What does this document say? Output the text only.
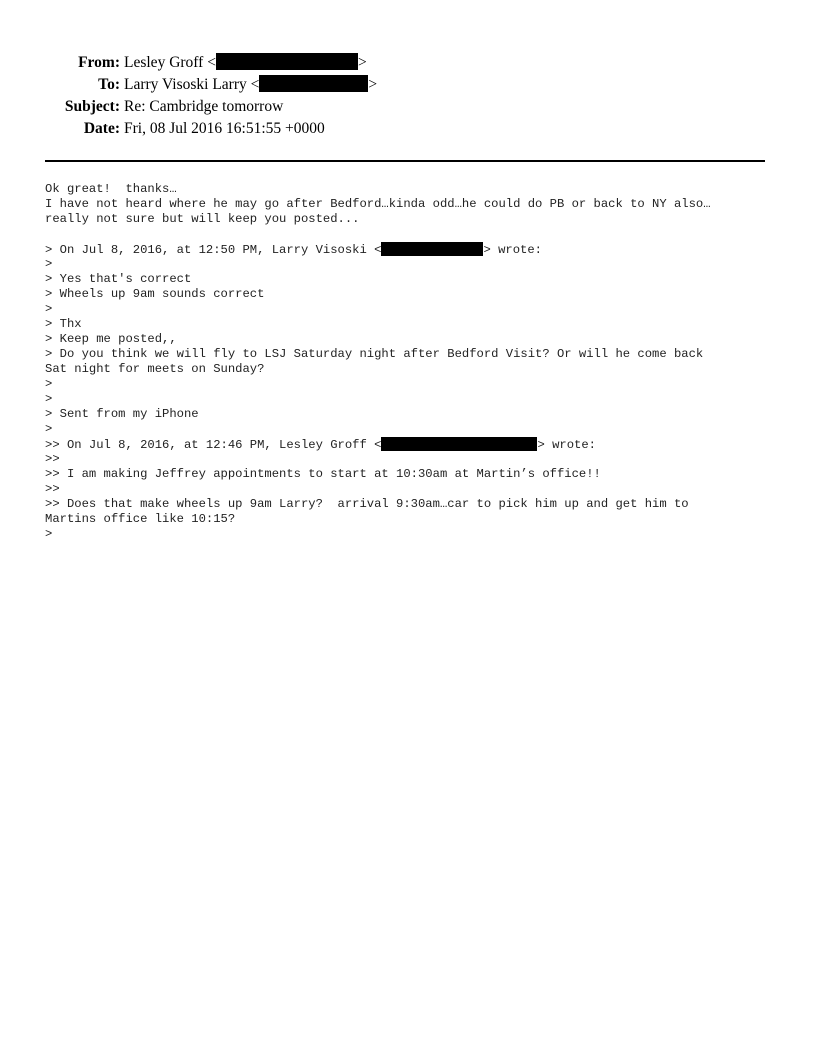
From: Lesley Groff <	>
To: Larry Visoski Larry <	>
Subject: Re: Cambridge tomorrow
Date: Fri, 08 Jul 2016 16:51:55 +0000
Ok great!  thanks…
I have not heard where he may go after Bedford…kinda odd…he could do PB or back to NY also…
really not sure but will keep you posted...
> On Jul 8, 2016, at 12:50 PM, Larry Visoski <	> wrote:
>
> Yes that's correct
> Wheels up 9am sounds correct
>
> Thx
> Keep me posted,,
> Do you think we will fly to LSJ Saturday night after Bedford Visit? Or will he come back
Sat night for meets on Sunday?
>
>
> Sent from my iPhone
>
>> On Jul 8, 2016, at 12:46 PM, Lesley Groff <	> wrote:
>>
>> I am making Jeffrey appointments to start at 10:30am at Martin’s office!!
>>
>> Does that make wheels up 9am Larry?  arrival 9:30am…car to pick him up and get him to
Martins office like 10:15?
>
